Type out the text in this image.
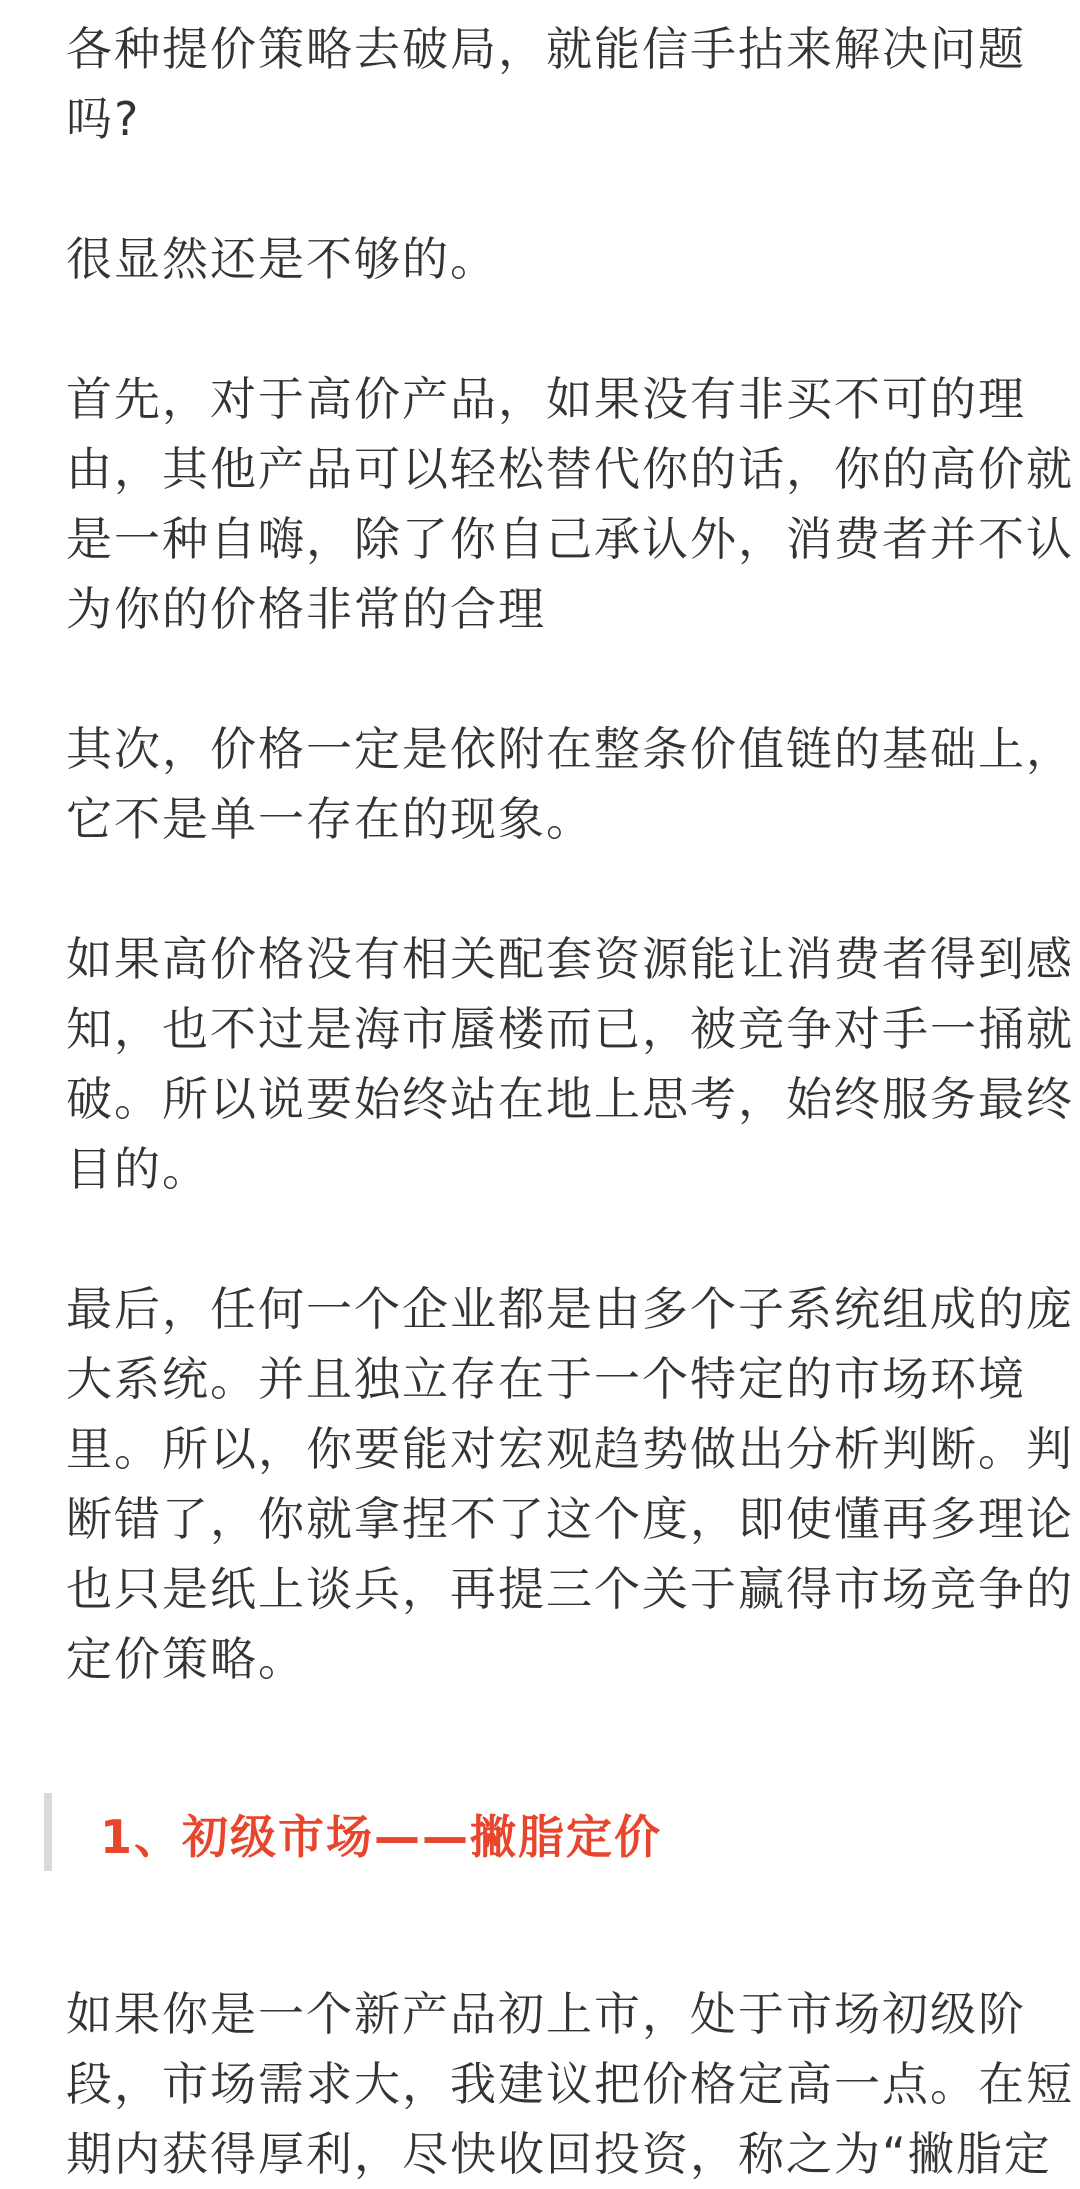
各种提价策略去破局，就能信手拈来解决问题
吗?

很显然还是不够的。

首先，对于高价产品，如果没有非买不可的理
由，其他产品可以轻松替代你的话，你的高价就
是一种自嗨，除了你自己承认外，消费者并不认
为你的价格非常的合理

其次，价格一定是依附在整条价值链的基础上，
它不是单一存在的现象。

如果高价格没有相关配套资源能让消费者得到感
知，也不过是海市蜃楼而已，被竞争对手一捅就
破。所以说要始终站在地上思考，始终服务最终
目的。

最后，任何一个企业都是由多个子系统组成的庞
大系统。并且独立存在于一个特定的市场环境
里。所以，你要能对宏观趋势做出分析判断。判
断错了，你就拿捏不了这个度，即使懂再多理论
也只是纸上谈兵，再提三个关于赢得市场竞争的
定价策略。

1、初级市场——撇脂定价

如果你是一个新产品初上市，处于市场初级阶
段，市场需求大，我建议把价格定高一点。在短
期内获得厚利，尽快收回投资，称之为“撇脂定
